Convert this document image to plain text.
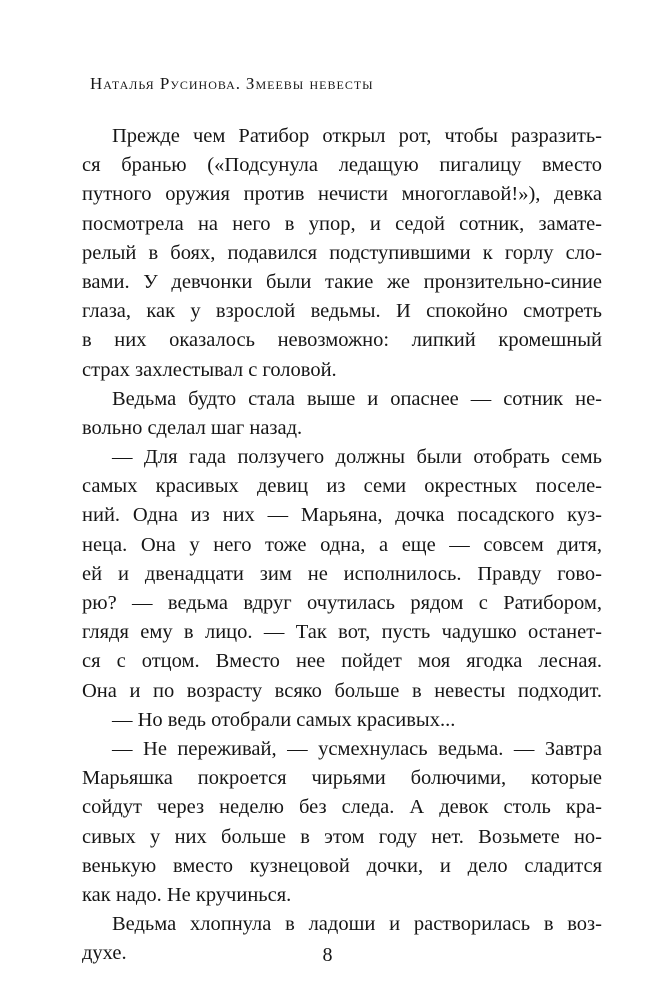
Наталья Русинова. Змеевы невесты
Прежде чем Ратибор открыл рот, чтобы разразить-
ся бранью («Подсунула ледащую пигалицу вместо
путного оружия против нечисти многоглавой!»), девка
посмотрела на него в упор, и седой сотник, замате-
релый в боях, подавился подступившими к горлу сло-
вами. У девчонки были такие же пронзительно-синие
глаза, как у взрослой ведьмы. И спокойно смотреть
в них оказалось невозможно: липкий кромешный
страх захлестывал с головой.
Ведьма будто стала выше и опаснее — сотник не-
вольно сделал шаг назад.
— Для гада ползучего должны были отобрать семь
самых красивых девиц из семи окрестных поселе-
ний. Одна из них — Марьяна, дочка посадского куз-
неца. Она у него тоже одна, а еще — совсем дитя,
ей и двенадцати зим не исполнилось. Правду гово-
рю? — ведьма вдруг очутилась рядом с Ратибором,
глядя ему в лицо. — Так вот, пусть чадушко останет-
ся с отцом. Вместо нее пойдет моя ягодка лесная.
Она и по возрасту всяко больше в невесты подходит.
— Но ведь отобрали самых красивых...
— Не переживай, — усмехнулась ведьма. — Завтра
Марьяшка покроется чирьями болючими, которые
сойдут через неделю без следа. А девок столь кра-
сивых у них больше в этом году нет. Возьмете но-
венькую вместо кузнецовой дочки, и дело сладится
как надо. Не кручинься.
Ведьма хлопнула в ладоши и растворилась в воз-
духе.	8
